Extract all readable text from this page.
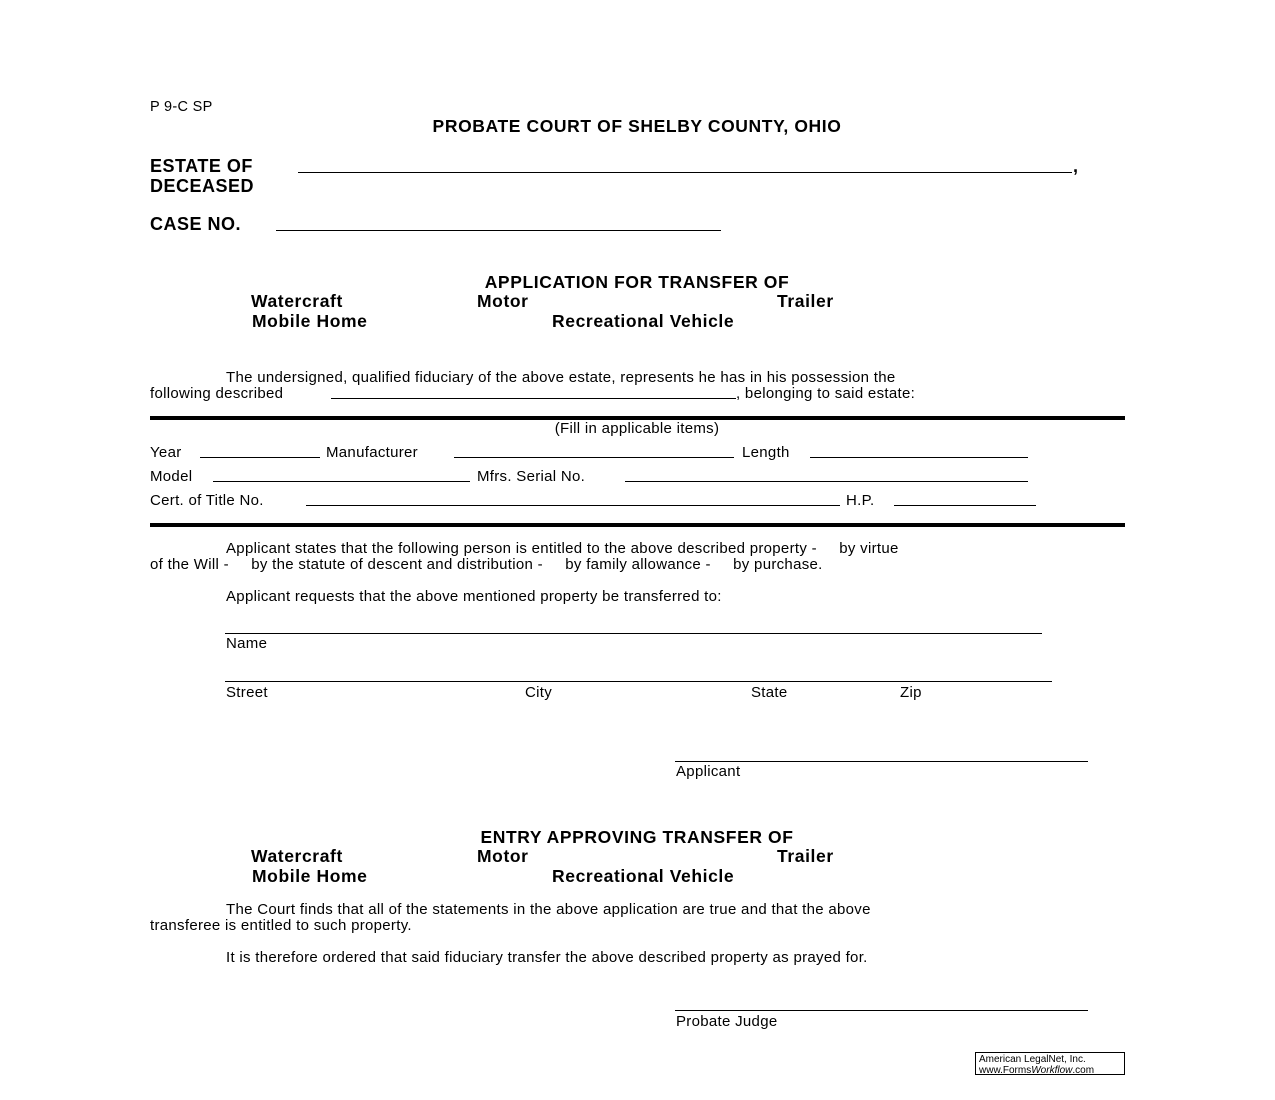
P 9-C SP
PROBATE COURT OF SHELBY COUNTY, OHIO
ESTATE OF	,
DECEASED
CASE NO.
APPLICATION FOR TRANSFER OF
Watercraft	Motor	Trailer
Mobile Home	Recreational Vehicle
The undersigned, qualified fiduciary of the above estate, represents he has in his possession the
following described	, belonging to said estate:
(Fill in applicable items)
Year	Manufacturer	Length
Model	Mfrs. Serial No.
Cert. of Title No.	H.P.
Applicant states that the following person is entitled to the above described property -     by virtue
of the Will -     by the statute of descent and distribution -     by family allowance -     by purchase.
Applicant requests that the above mentioned property be transferred to:
Name
Street	City	State	Zip
Applicant
ENTRY APPROVING TRANSFER OF
Watercraft	Motor	Trailer
Mobile Home	Recreational Vehicle
The Court finds that all of the statements in the above application are true and that the above
transferee is entitled to such property.
It is therefore ordered that said fiduciary transfer the above described property as prayed for.
Probate Judge
American LegalNet, Inc.
www.FormsWorkflow.com
